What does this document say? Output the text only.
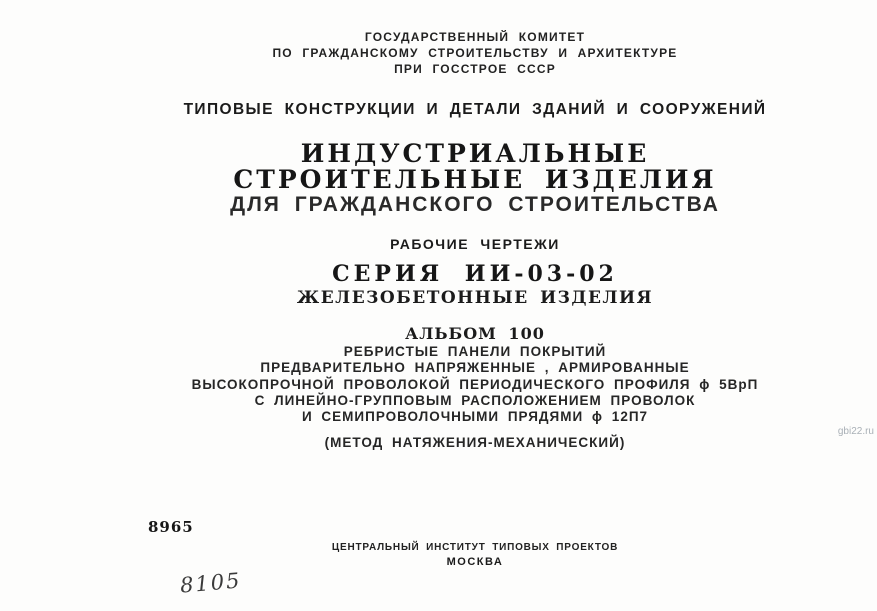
ГОСУДАРСТВЕННЫЙ КОМИТЕТ
ПО ГРАЖДАНСКОМУ СТРОИТЕЛЬСТВУ И АРХИТЕКТУРЕ
ПРИ ГОССТРОЕ СССР
ТИПОВЫЕ КОНСТРУКЦИИ И ДЕТАЛИ ЗДАНИЙ И СООРУЖЕНИЙ
ИНДУСТРИАЛЬНЫЕ
СТРОИТЕЛЬНЫЕ ИЗДЕЛИЯ
ДЛЯ ГРАЖДАНСКОГО СТРОИТЕЛЬСТВА
РАБОЧИЕ ЧЕРТЕЖИ
СЕРИЯ ИИ-03-02
ЖЕЛЕЗОБЕТОННЫЕ ИЗДЕЛИЯ
АЛЬБОМ 100
РЕБРИСТЫЕ ПАНЕЛИ ПОКРЫТИЙ
ПРЕДВАРИТЕЛЬНО НАПРЯЖЕННЫЕ , АРМИРОВАННЫЕ
ВЫСОКОПРОЧНОЙ ПРОВОЛОКОЙ ПЕРИОДИЧЕСКОГО ПРОФИЛЯ ϕ 5ВрП
С ЛИНЕЙНО-ГРУППОВЫМ РАСПОЛОЖЕНИЕМ ПРОВОЛОК
И СЕМИПРОВОЛОЧНЫМИ ПРЯДЯМИ ϕ 12П7
(МЕТОД НАТЯЖЕНИЯ-МЕХАНИЧЕСКИЙ)
ЦЕНТРАЛЬНЫЙ ИНСТИТУТ ТИПОВЫХ ПРОЕКТОВ
МОСКВА
8965
8105
gbi22.ru
